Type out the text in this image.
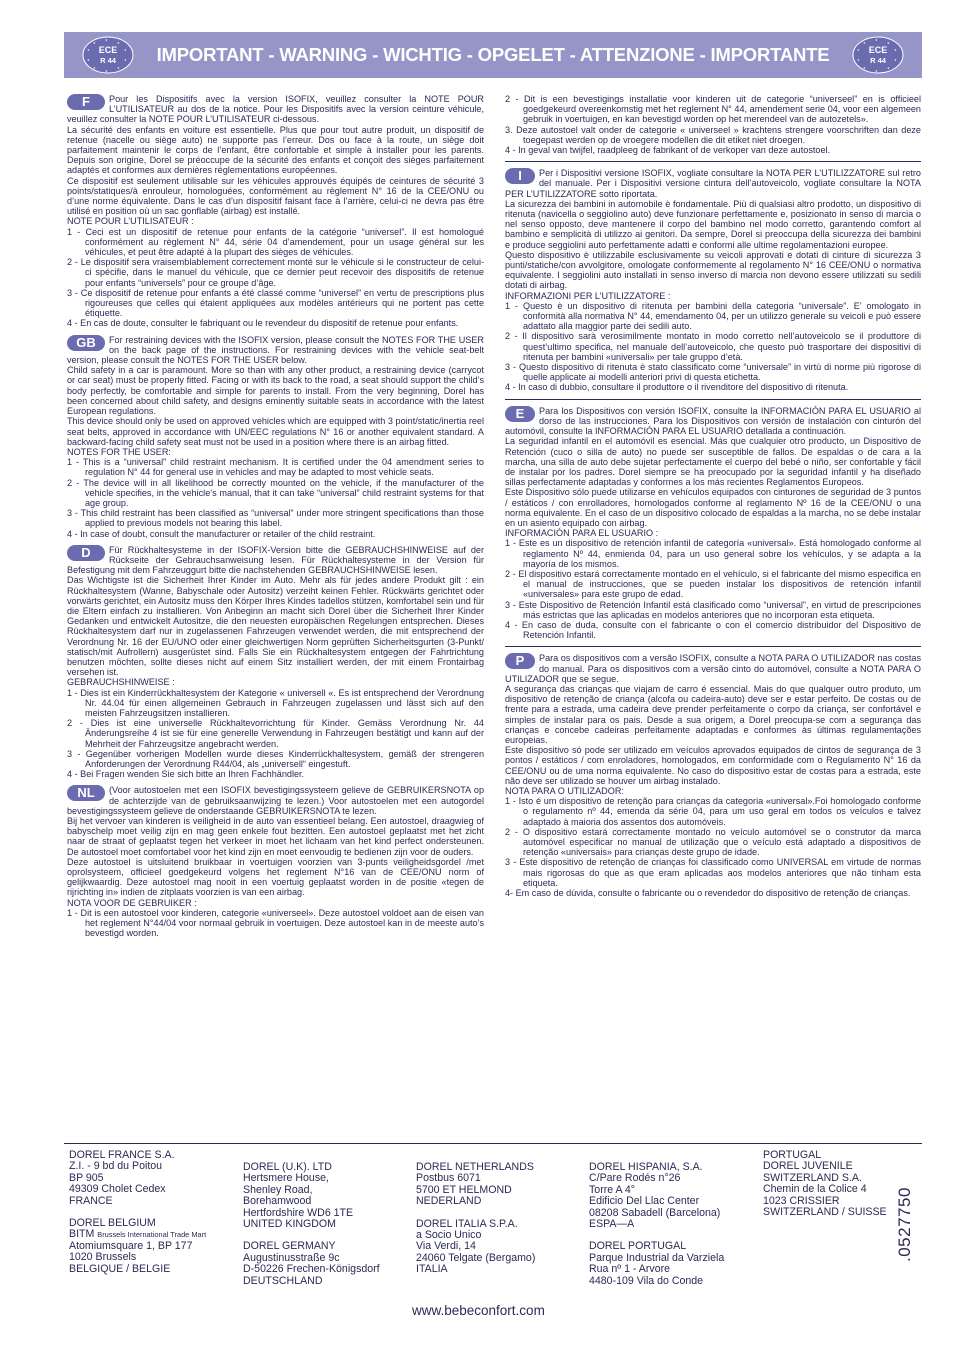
★
★
★
★
★
★
★
★
★
★
ECE
R 44 IMPORTANT - WARNING - WICHTIG - OPGELET - ATTENZIONE - IMPORTANTE
★
★
★
★
★
★
★
★
★
★
ECE
R 44
F	Pour les Dispositifs avec la version ISOFIX, veuillez consulter la NOTE POUR L’UTILISATEUR au dos de la notice. Pour les Dispositifs avec la version ceinture véhicule, veuillez consulter la NOTE POUR L’UTILISATEUR ci-dessous.

La sécurité des enfants en voiture est essentielle. Plus que pour tout autre produit, un dispositif de retenue (nacelle ou siège auto) ne supporte pas l’erreur. Dos ou face à la route, un siège doit parfaitement maintenir le corps de l’enfant, être confortable et simple à installer pour les parents. Depuis son origine, Dorel se préoccupe de la sécurité des enfants et conçoit des sièges parfaitement adaptés et conformes aux dernières réglementations européennes.

Ce dispositif est seulement utilisable sur les véhicules approuvés équipés de ceintures de sécurité 3 points/statiques/à enrouleur, homologuées, conformément au règlement N° 16 de la CEE/ONU ou d’une norme équivalente. Dans le cas d’un dispositif faisant face à l’arrière, celui-ci ne devra pas être utilisé en position où un sac gonflable (airbag) est installé.

NOTE POUR L’UTILISATEUR :

1 - Ceci est un dispositif de retenue pour enfants de la catégorie “universel”. Il est homologué conformément au règlement N° 44, série 04 d’amendement, pour un usage général sur les véhicules, et peut être adapté à la plupart des sièges de véhicules.

2 - Le dispositif sera vraisemblablement correctement monté sur le véhicule si le constructeur de celui-ci spécifie, dans le manuel du véhicule, que ce dernier peut recevoir des dispositifs de retenue pour enfants “universels” pour ce groupe d’âge.

3 - Ce dispositif de retenue pour enfants a été classé comme “universel” en vertu de prescriptions plus rigoureuses que celles qui étaient appliquées aux modèles antérieurs qui ne portent pas cette étiquette.

4 - En cas de doute, consulter le fabriquant ou le revendeur du dispositif de retenue pour enfants.

GB	For restraining devices with the ISOFIX version, please consult the NOTES FOR THE USER on the back page of the instructions. For restraining devices with the vehicle seat-belt version, please consult the NOTES FOR THE USER below.

Child safety in a car is paramount. More so than with any other product, a restraining device (carrycot or car seat) must be properly fitted. Facing or with its back to the road, a seat should support the child’s body perfectly, be comfortable and simple for parents to install. From the very beginning, Dorel has been concerned about child safety, and designs eminently suitable seats in accordance with the latest European regulations.

This device should only be used on approved vehicles which are equipped with 3 point/static/inertia reel seat belts, approved in accordance with UN/EEC regulations N° 16 or another equivalent standard. A backward-facing child safety seat must not be used in a position where there is an airbag fitted.

NOTES FOR THE USER:

1 - This is a “universal” child restraint mechanism. It is certified under the 04 amendment series to regulation N° 44 for general use in vehicles and may be adapted to most vehicle seats.

2 - The device will in all likelihood be correctly mounted on the vehicle, if the manufacturer of the vehicle specifies, in the vehicle’s manual, that it can take “universal” child restraint systems for that age group.

3 - This child restraint has been classified as “universal” under more stringent specifications than those applied to previous models not bearing this label.

4 - In case of doubt, consult the manufacturer or retailer of the child restraint.

D	Für Rückhaltesysteme in der ISOFIX-Version bitte die GEBRAUCHSHINWEISE auf der Rückseite der Gebrauchsanweisung lesen. Für Rückhaltesysteme in der Version für Befestigung mit dem Fahrzeuggurt bitte die nachstehenden GEBRAUCHSHINWEISE lesen.

Das Wichtigste ist die Sicherheit Ihrer Kinder im Auto. Mehr als für jedes andere Produkt gilt : ein Rückhaltesystem (Wanne, Babyschale oder Autositz) verzeiht keinen Fehler. Rückwärts gerichtet oder vorwärts gerichtet, ein Autositz muss den Körper Ihres Kindes tadellos stützen, komfortabel sein und für die Eltern einfach zu installieren. Von Anbeginn an macht sich Dorel über die Sicherheit Ihrer Kinder Gedanken und entwickelt Autositze, die den neuesten europäischen Regelungen entsprechen. Dieses Rückhaltesystem darf nur in zugelassenen Fahrzeugen verwendet werden, die mit entsprechend der Verordnung Nr. 16 der EU/UNO oder einer gleichwertigen Norm geprüften Sicherheitsgurten (3-Punkt/ statisch/mit Aufrollern) ausgerüstet sind. Falls Sie ein Rückhaltesystem entgegen der Fahrtrichtung benutzen möchten, sollte dieses nicht auf einem Sitz installiert werden, der mit einem Frontairbag versehen ist.

GEBRAUCHSHINWEISE :

1 - Dies ist ein Kinderrückhaltesystem der Kategorie « universell «. Es ist entsprechend der Verordnung Nr. 44.04 für einen allgemeinen Gebrauch in Fahrzeugen zugelassen und lässt sich auf den meisten Fahrzeugsitzen installieren.

2 - Dies ist eine universelle Rückhaltevorrichtung für Kinder. Gemäss Verordnung Nr. 44 Änderungsreihe 4 ist sie für eine generelle Verwendung in Fahrzeugen bestätigt und kann auf der Mehrheit der Fahrzeugsitze angebracht werden.

3 - Gegenüber vorherigen Modellen wurde dieses Kinderrückhaltesystem, gemäß der strengeren Anforderungen der Verordnung R44/04, als „universell“ eingestuft.

4 - Bei Fragen wenden Sie sich bitte an Ihren Fachhändler.

NL	(Voor autostoelen met een ISOFIX bevestigingssysteem gelieve de GEBRUIKERSNOTA op de achterzijde van de gebruiksaanwijzing te lezen.) Voor autostoelen met een autogordel bevestigingssysteem gelieve de onderstaande GEBRUIKERSNOTA te lezen.

Bij het vervoer van kinderen is veiligheid in de auto van essentieel belang. Een autostoel, draagwieg of babyschelp moet veilig zijn en mag geen enkele fout bezitten. Een autostoel geplaatst met het zicht naar de straat of geplaatst tegen het verkeer in moet het lichaam van het kind perfect ondersteunen. De autostoel moet comfortabel voor het kind zijn en moet eenvoudig te bedienen zijn voor de ouders.

Deze autostoel is uitsluitend bruikbaar in voertuigen voorzien van 3-punts veiligheidsgordel /met oprolsysteem, officieel goedgekeurd volgens het reglement N°16 van de CEE/ONU norm of gelijkwaardig. Deze autostoel mag nooit in een voertuig geplaatst worden in de positie «tegen de rijrichting in» indien de zitplaats voorzien is van een airbag.

NOTA VOOR DE GEBRUIKER :

1 - Dit is een autostoel voor kinderen, categorie «universeel». Deze autostoel voldoet aan de eisen van het reglement N°44/04 voor normaal gebruik in voertuigen. Deze autostoel kan in de meeste auto’s bevestigd worden.

2 - Dit is een bevestigings installatie voor kinderen uit de categorie “universeel” en is officieel goedgekeurd overeenkomstig met het reglement N° 44, amendement serie 04, voor een algemeen gebruik in voertuigen, en kan bevestigd worden op het merendeel van de autozetels».

3. Deze autostoel valt onder de categorie « universeel » krachtens strengere voorschriften dan deze toegepast werden op de vroegere modellen die dit etiket niet droegen.

4 - In geval van twijfel, raadpleeg de fabrikant of de verkoper van deze autostoel.

I	Per i Dispositivi versione ISOFIX, vogliate consultare la NOTA PER L’UTILIZZATORE sul retro del manuale. Per i Dispositivi versione cintura dell’autoveicolo, vogliate consultare la NOTA PER L’UTILIZZATORE sotto riportata.

La sicurezza dei bambini in automobile è fondamentale. Più di qualsiasi altro prodotto, un dispositivo di ritenuta (navicella o seggiolino auto) deve funzionare perfettamente e, posizionato in senso di marcia o nel senso opposto, deve mantenere il corpo del bambino nel modo corretto, garantendo comfort al bambino e semplicità di utilizzo ai genitori. Da sempre, Dorel si preoccupa della sicurezza dei bambini e produce seggiolini auto perfettamente adatti e conformi alle ultime regolamentazioni europee.

Questo dispositivo è utilizzabile esclusivamente su veicoli approvati e dotati di cinture di sicurezza 3 punti/statiche/con avvolgitore, omologate conformemente al regolamento N° 16 CEE/ONU o normativa equivalente. I seggiolini auto installati in senso inverso di marcia non devono essere utilizzati su sedili dotati di airbag.

INFORMAZIONI PER L’UTILIZZATORE :

1 - Questo è un dispositivo di ritenuta per bambini della categoria “universale”. E’ omologato in conformità alla normativa N° 44, emendamento 04, per un utilizzo generale su veicoli e può essere adattato alla maggior parte dei sedili auto.

2 - Il dispositivo sarà verosimilmente montato in modo corretto nell’autoveicolo se il produttore di quest’ultimo specifica, nel manuale dell’autoveicolo, che questo può trasportare dei dispositivi di ritenuta per bambini «universali» per tale gruppo d’età.

3 - Questo dispositivo di ritenuta è stato classificato come “universale” in virtù di norme più rigorose di quelle applicate ai modelli anteriori privi di questa etichetta.

4 - In caso di dubbio, consultare il produttore o il rivenditore del dispositivo di ritenuta.

E	Para los Dispositivos con versión ISOFIX, consulte la INFORMACIÓN PARA EL USUARIO al dorso de las instrucciones. Para los Dispositivos con versión de instalación con cinturón del automóvil, consulte la INFORMACIÓN PARA EL USUARIO detallada a continuación.

La seguridad infantil en el automóvil es esencial. Más que cualquier otro producto, un Dispositivo de Retención (cuco o silla de auto) no puede ser susceptible de fallos. De espaldas o de cara a la marcha, una silla de auto debe sujetar perfectamente el cuerpo del bebé o niño, ser confortable y fácil de instalar por los padres. Dorel siempre se ha preocupado por la seguridad infantil y ha diseñado sillas perfectamente adaptadas y conformes a los más recientes Reglamentos Europeos.

Este Dispositivo sólo puede utilizarse en vehículos equipados con cinturones de seguridad de 3 puntos / estáticos / con enrolladores, homologados conforme al reglamento Nº 16 de la CEE/ONU o una norma equivalente. En el caso de un dispositivo colocado de espaldas a la marcha, no se debe instalar en un asiento equipado con airbag.

INFORMACIÓN PARA EL USUARIO :

1 - Este es un dispositivo de retención infantil de categoría «universal». Está homologado conforme al reglamento Nº 44, enmienda 04, para un uso general sobre los vehículos, y se adapta a la mayoría de los mismos.

2 - El dispositivo estará correctamente montado en el vehículo, si el fabricante del mismo especifica en el manual de instrucciones, que se pueden instalar los dispositivos de retención infantil «universales» para este grupo de edad.

3 - Este Dispositivo de Retención Infantil está clasificado como “universal”, en virtud de prescripciones más estrictas que las aplicadas en modelos anteriores que no incorporan esta etiqueta.

4 - En caso de duda, consulte con el fabricante o con el comercio distribuidor del Dispositivo de Retención Infantil.

P	Para os dispositivos com a versão ISOFIX, consulte a NOTA PARA O UTILIZADOR nas costas do manual. Para os dispositivos com a versão cinto do automóvel, consulte a NOTA PARA O UTILIZADOR que se segue.

A segurança das crianças que viajam de carro é essencial. Mais do que qualquer outro produto, um dispositivo de retenção de criança (alcofa ou cadeira-auto) deve ser e estar perfeito. De costas ou de frente para a estrada, uma cadeira deve prender perfeitamente o corpo da criança, ser confortável e simples de instalar para os pais. Desde a sua origem, a Dorel preocupa-se com a segurança das crianças e concebe cadeiras perfeitamente adaptadas e conformes às últimas regulamentações europeias.

Este dispositivo só pode ser utilizado em veículos aprovados equipados de cintos de segurança de 3 pontos / estáticos / com enroladores, homologados, em conformidade com o Regulamento N° 16 da CEE/ONU ou de uma norma equivalente. No caso do dispositivo estar de costas para a estrada, este não deve ser utilizado se houver um airbag instalado.

NOTA PARA O UTILIZADOR:

1 - Isto é um dispositivo de retenção para crianças da categoria «universal».Foi homologado conforme o regulamento nº 44, emenda da série 04, para um uso geral em todos os veículos e talvez adaptado à maioria dos assentos dos automóveis.

2 - O dispositivo estará correctamente montado no veículo automóvel se o construtor da marca automóvel especificar no manual de utilização que o veículo está adaptado a dispositivos de retenção «universais» para crianças deste grupo de idade.

3 - Este dispositivo de retenção de crianças foi classificado como UNIVERSAL em virtude de normas mais rigorosas do que as que eram aplicadas aos modelos anteriores que não tinham esta etiqueta.

4- Em caso de dúvida, consulte o fabricante ou o revendedor do dispositivo de retenção de crianças.

DOREL FRANCE S.A.
Z.I. - 9 bd du Poitou
BP 905
49309 Cholet Cedex
FRANCE
DOREL BELGIUM
BITM Brussels International Trade Mart
Atomiumsquare 1, BP 177
1020 Brussels
BELGIQUE / BELGIE
DOREL (U.K). LTD
Hertsmere House,
Shenley Road,
Borehamwood
Hertfordshire WD6 1TE
UNITED KINGDOM
DOREL GERMANY
Augustinusstraße 9c
D-50226 Frechen-Königsdorf
DEUTSCHLAND
DOREL NETHERLANDS
Postbus 6071
5700 ET HELMOND
NEDERLAND
DOREL ITALIA S.P.A.
a Socio Unico
Via Verdi, 14
24060 Telgate (Bergamo)
ITALIA
DOREL HISPANIA, S.A.
C/Pare Rodés n°26
Torre A 4°
Edificio Del Llac Center
08208 Sabadell (Barcelona)
ESPA—A
DOREL PORTUGAL
Parque Industrial da Varziela
Rua nº 1 - Arvore
4480-109 Vila do Conde
PORTUGAL
DOREL JUVENILE
SWITZERLAND S.A.
Chemin de la Colice 4
1023 CRISSIER
SWITZERLAND / SUISSE .0527750
www.bebeconfort.com
